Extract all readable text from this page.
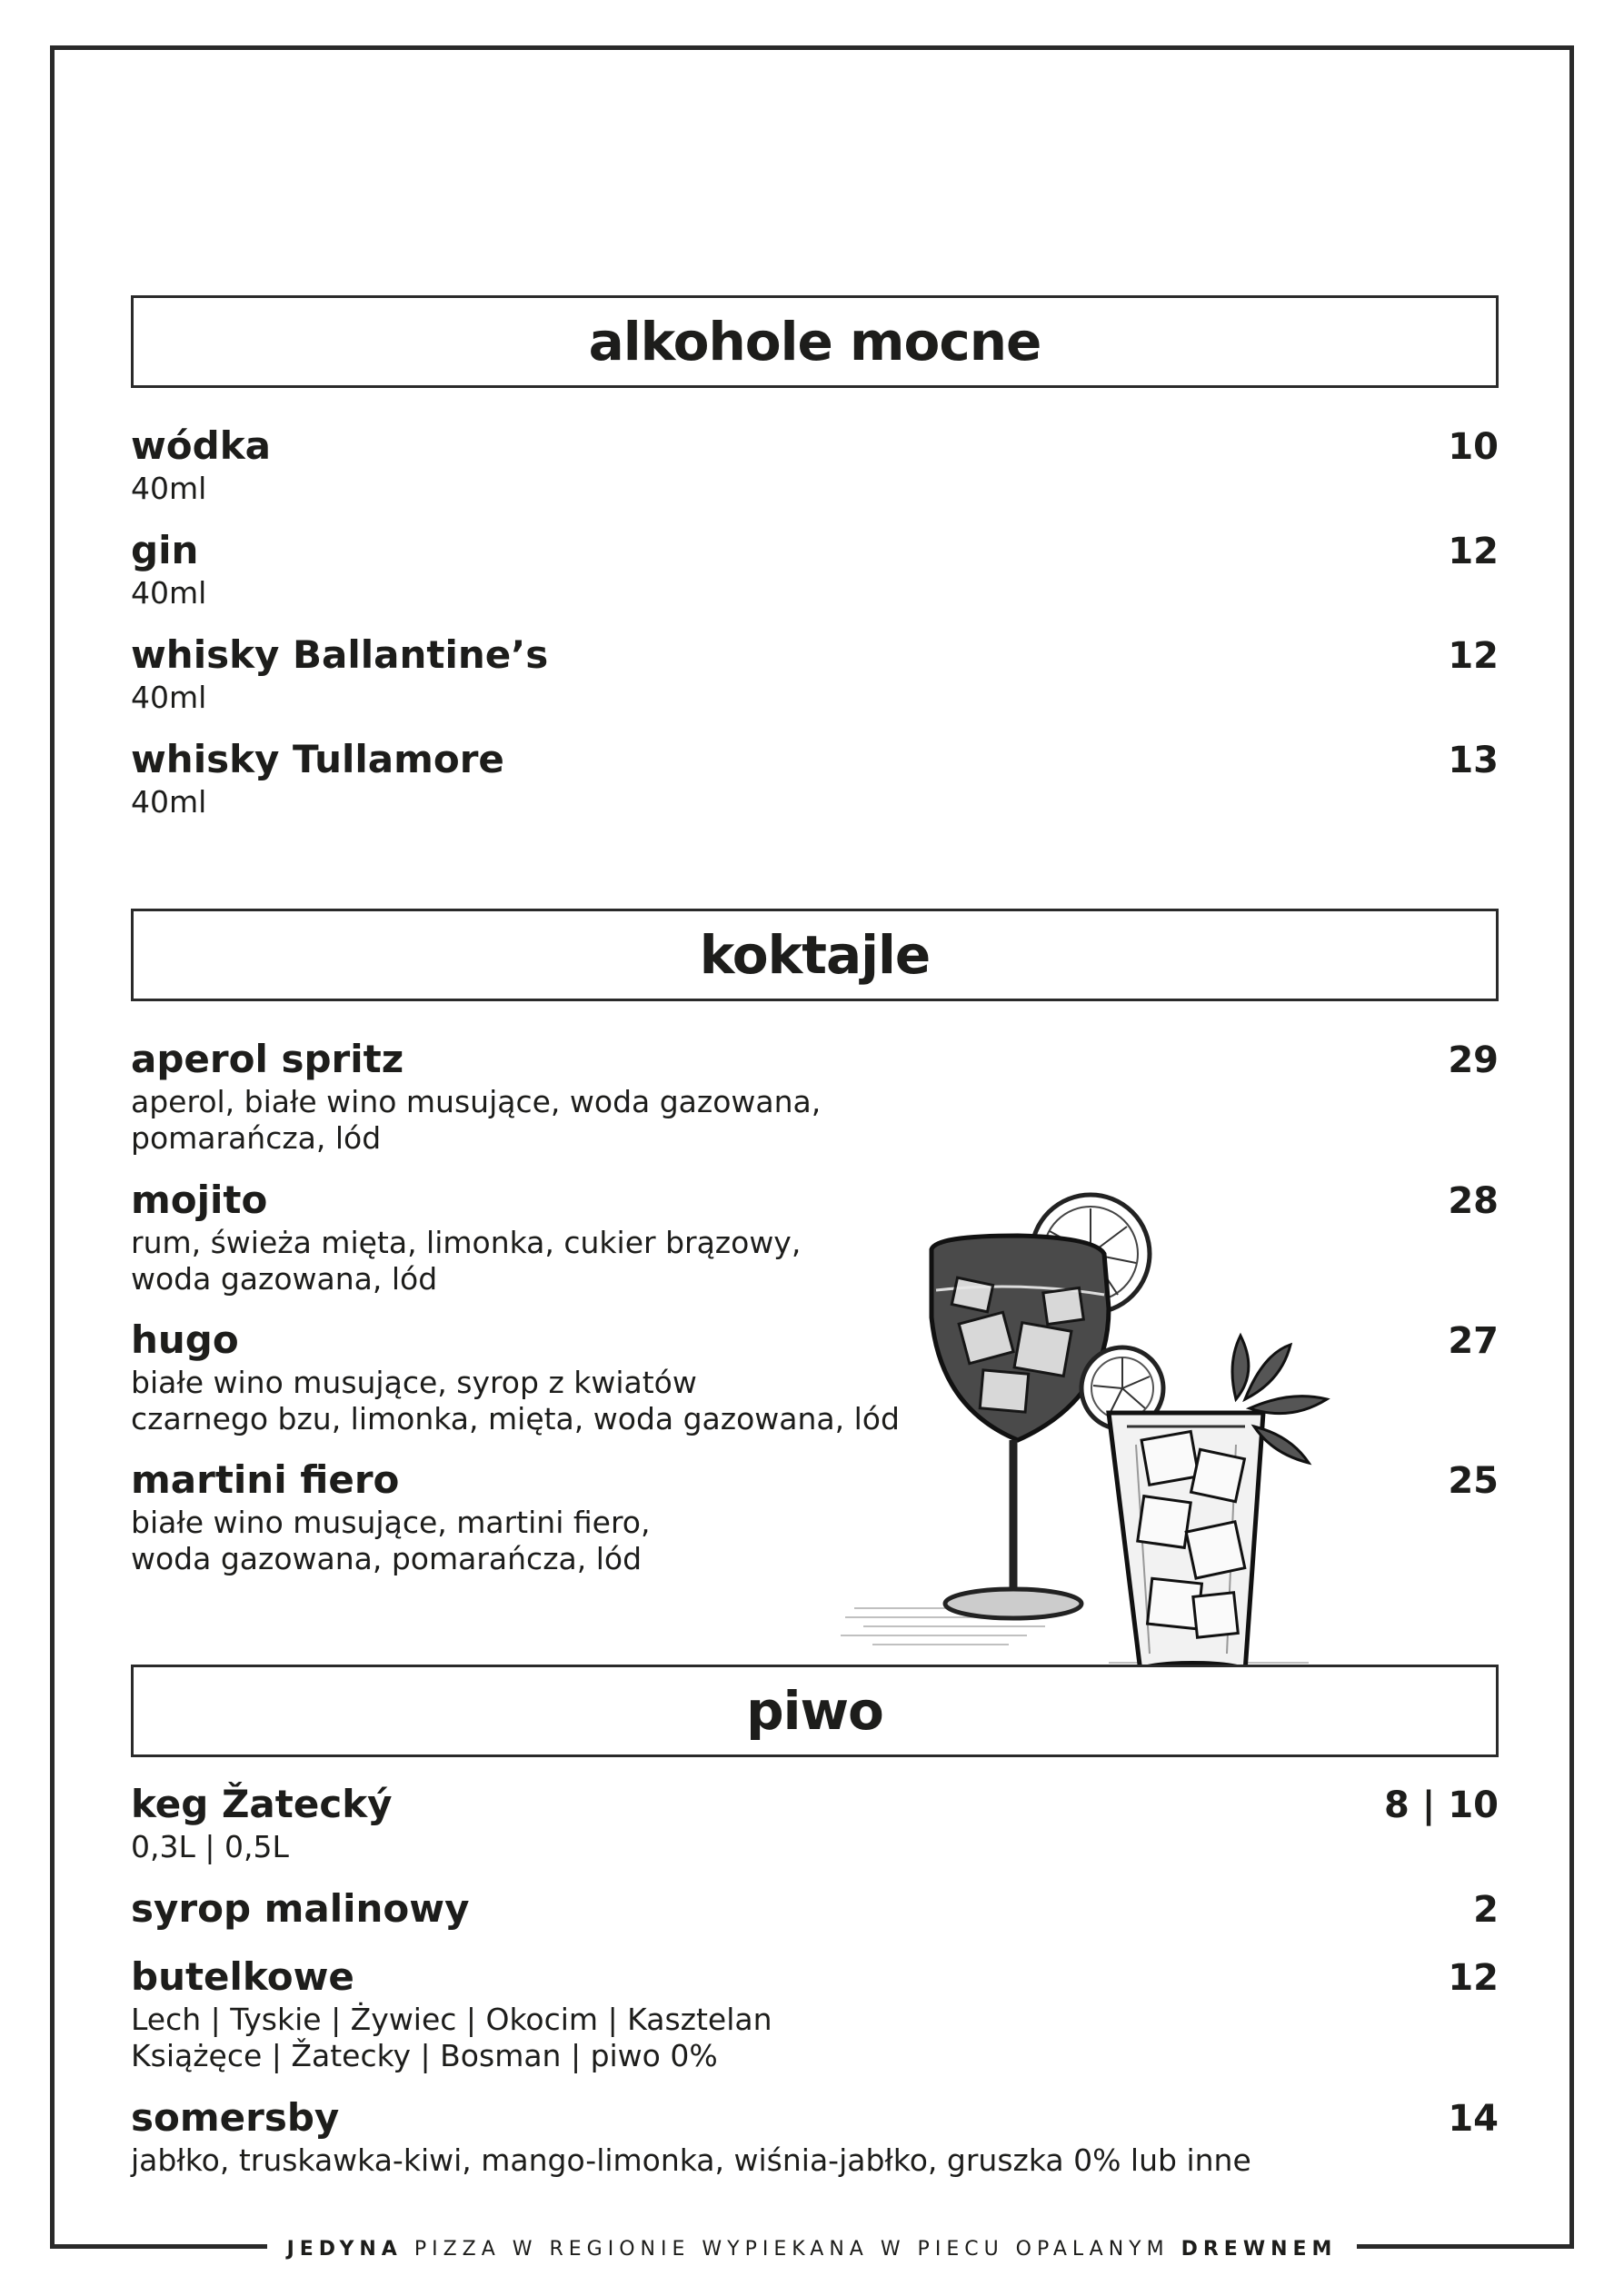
alkohole mocne
wódka	10
40ml
gin	12
40ml
whisky Ballantine’s	12
40ml
whisky Tullamore	13
40ml
koktajle
aperol spritz	29
aperol, białe wino musujące, woda gazowana,
pomarańcza, lód
mojito	28
rum, świeża mięta, limonka, cukier brązowy,
woda gazowana, lód
hugo	27
białe wino musujące, syrop z kwiatów
czarnego bzu, limonka, mięta, woda gazowana, lód
martini fiero	25
białe wino musujące, martini fiero,
woda gazowana, pomarańcza, lód
piwo
keg Žatecký	8 | 10
0,3L | 0,5L
syrop malinowy	2
butelkowe	12
Lech | Tyskie | Żywiec | Okocim | Kasztelan
Książęce | Žatecky | Bosman | piwo 0%
somersby	14
jabłko, truskawka-kiwi, mango-limonka, wiśnia-jabłko, gruszka 0% lub inne
JEDYNA PIZZA W REGIONIE WYPIEKANA W PIECU OPALANYM DREWNEM
